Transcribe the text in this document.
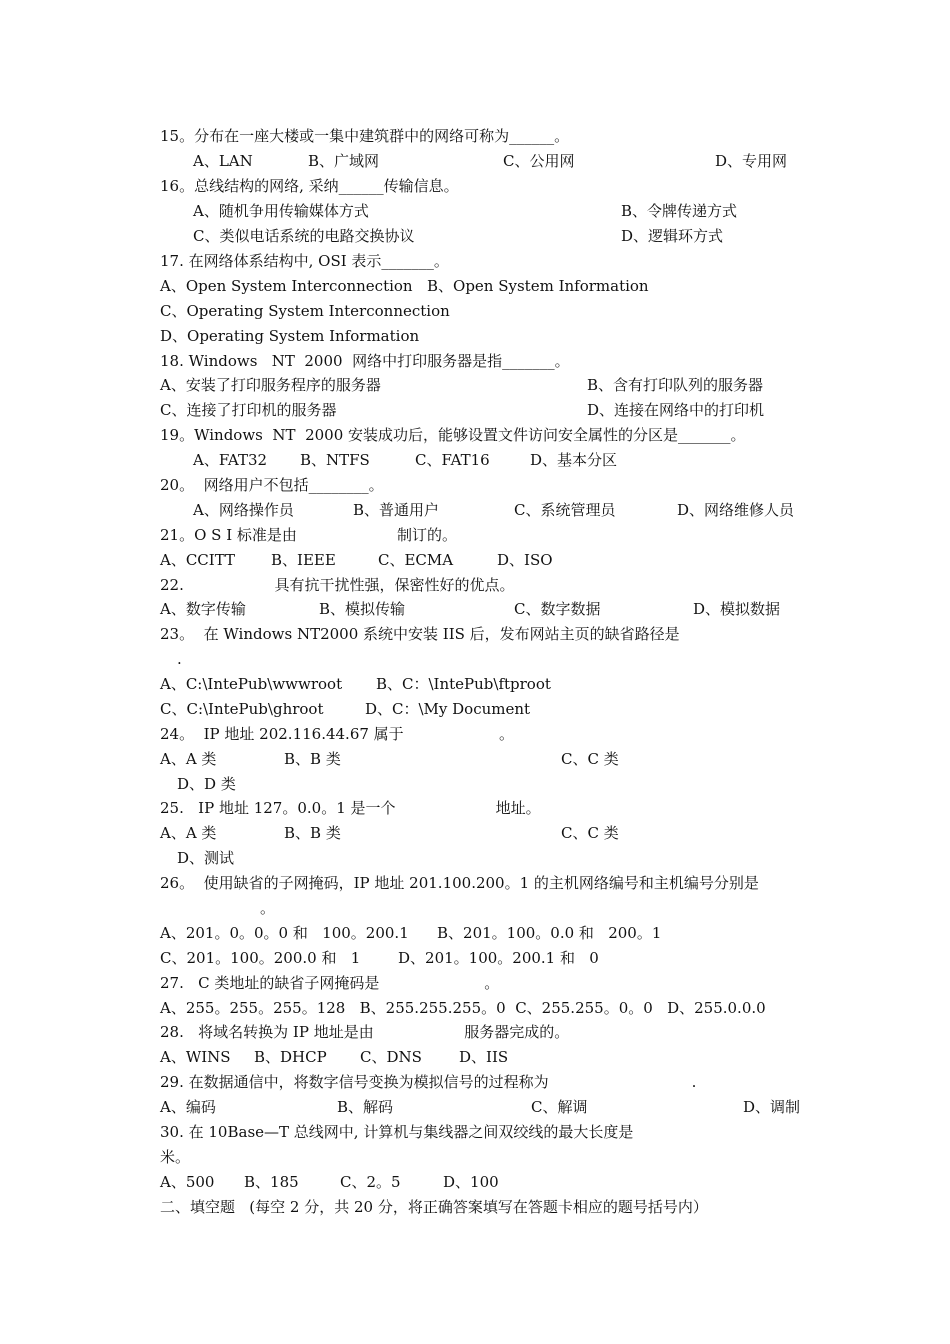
15。分布在一座大楼或一集中建筑群中的网络可称为______。
A、LAN	B、广域网	C、公用网	D、专用网
16。总线结构的网络, 采纳______传输信息。
A、随机争用传输媒体方式	B、令牌传递方式
C、类似电话系统的电路交换协议	D、逻辑环方式
17. 在网络体系结构中, OSI 表示_______。
A、Open System Interconnection B、Open System Information
C、Operating System Interconnection
D、Operating System Information
18. Windows   NT  2000  网络中打印服务器是指_______。
A、安装了打印服务程序的服务器	B、含有打印队列的服务器
C、连接了打印机的服务器	D、连接在网络中的打印机
19。Windows  NT  2000 安装成功后，能够设置文件访问安全属性的分区是_______。
A、FAT32 B、NTFS	C、FAT16	D、基本分区
20。  网络用户不包括________。
A、网络操作员	B、普通用户	C、系统管理员	D、网络维修人员
21。O S I 标准是由                     制订的。
A、CCITT B、IEEE	C、ECMA	D、ISO
22.                   具有抗干扰性强，保密性好的优点。
A、数字传输	B、模拟传输	C、数字数据	D、模拟数据
23。  在 Windows NT2000 系统中安装 IIS 后，发布网站主页的缺省路径是
.
A、C:\IntePub\wwwroot B、C：\IntePub\ftproot
C、C:\IntePub\ghroot	D、C：\My Document
24。  IP 地址 202.116.44.67 属于                    。
A、A 类	B、B 类	C、C 类
D、D 类
25.   IP 地址 127。0.0。1 是一个                     地址。
A、A 类	B、B 类	C、C 类
D、测试
26。  使用缺省的子网掩码，IP 地址 201.100.200。1 的主机网络编号和主机编号分别是
。
A、201。0。0。0 和   100。200.1 B、201。100。0.0 和   200。1
C、201。100。200.0 和   1	D、201。100。200.1 和   0
27.   C 类地址的缺省子网掩码是                      。
A、255。255。255。128   B、255.255.255。0  C、255.255。0。0   D、255.0.0.0
28.   将域名转换为 IP 地址是由                   服务器完成的。
A、WINS B、DHCP C、DNS D、IIS
29. 在数据通信中，将数字信号变换为模拟信号的过程称为                              .
A、编码	B、解码	C、解调	D、调制
30. 在 10Base—T 总线网中, 计算机与集线器之间双绞线的最大长度是
米。
A、500 B、185	C、2。5	D、100
二、填空题   (每空 2 分，共 20 分，将正确答案填写在答题卡相应的题号括号内）
